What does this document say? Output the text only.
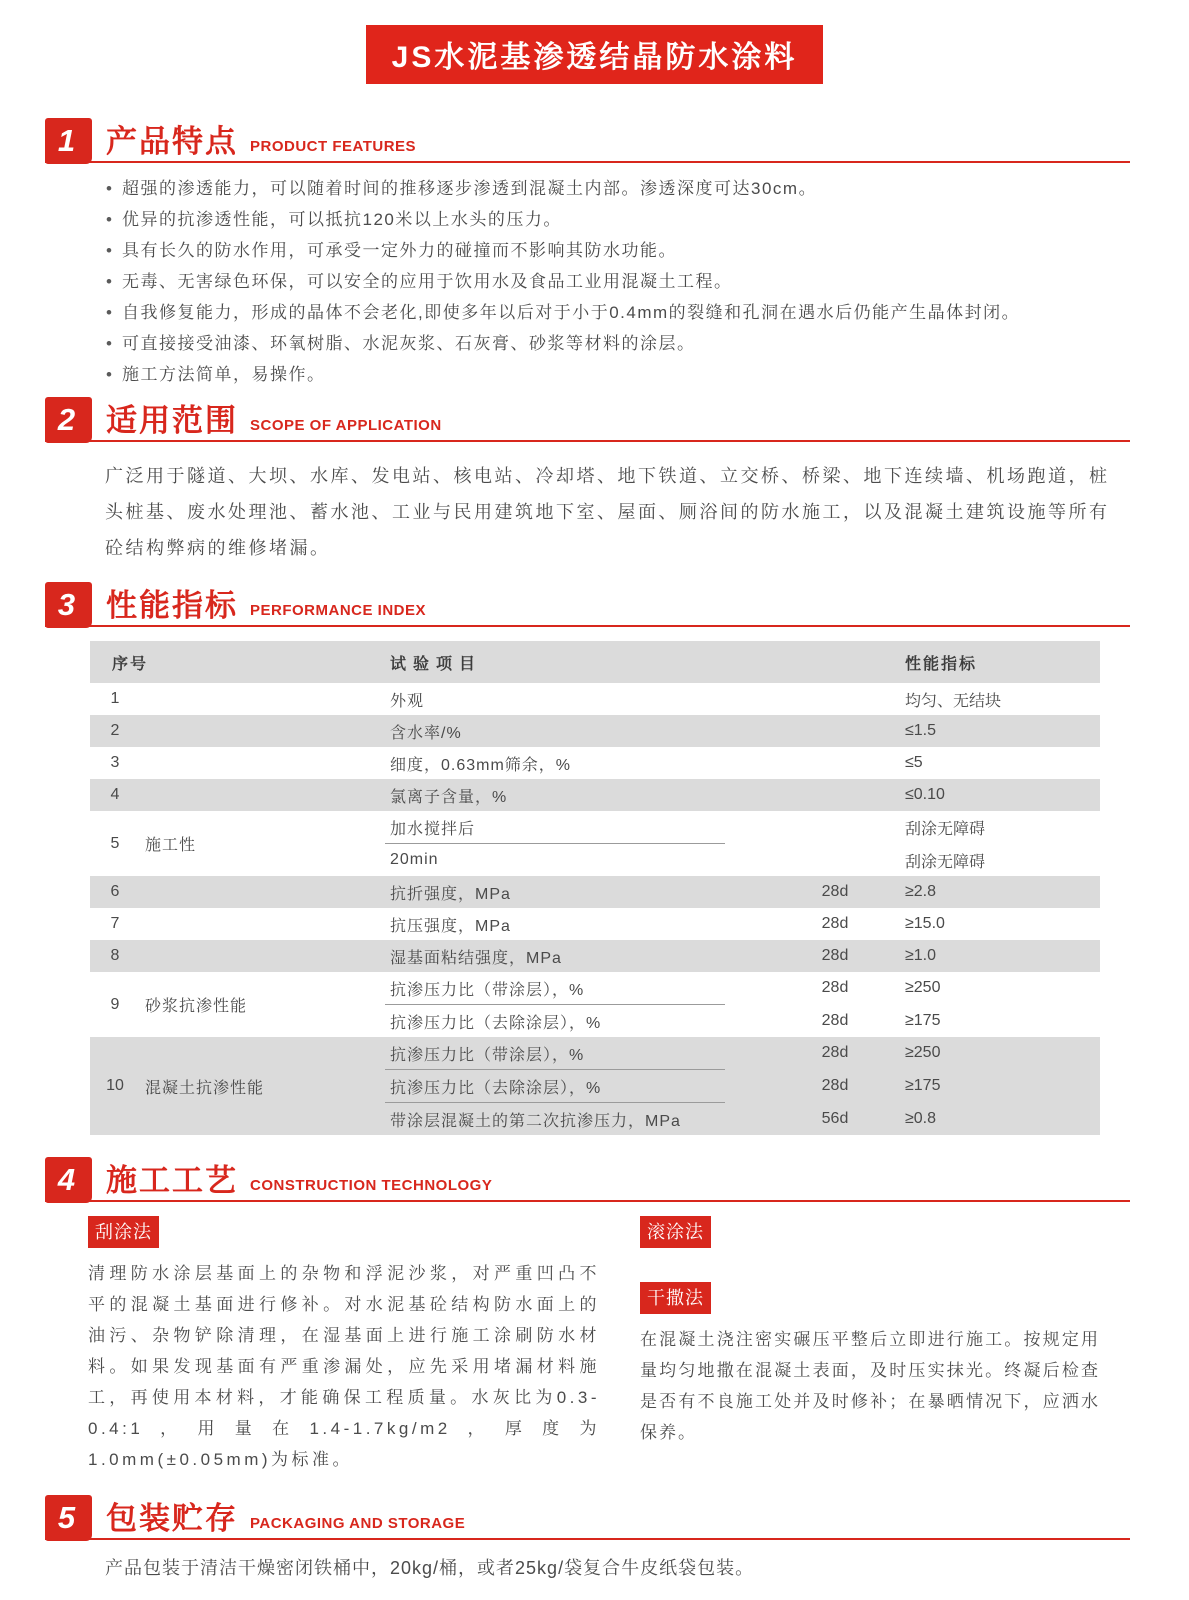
JS水泥基渗透结晶防水涂料
1 产品特点 PRODUCT FEATURES
• 超强的渗透能力，可以随着时间的推移逐步渗透到混凝土内部。渗透深度可达30cm。
• 优异的抗渗透性能，可以抵抗120米以上水头的压力。
• 具有长久的防水作用，可承受一定外力的碰撞而不影响其防水功能。
• 无毒、无害绿色环保，可以安全的应用于饮用水及食品工业用混凝土工程。
• 自我修复能力，形成的晶体不会老化,即使多年以后对于小于0.4mm的裂缝和孔洞在遇水后仍能产生晶体封闭。
• 可直接接受油漆、环氧树脂、水泥灰浆、石灰膏、砂浆等材料的涂层。
• 施工方法简单，易操作。
2 适用范围 SCOPE OF APPLICATION

广泛用于隧道、大坝、水库、发电站、核电站、冷却塔、地下铁道、立交桥、桥梁、地下连续墙、机场跑道，桩头桩基、废水处理池、蓄水池、工业与民用建筑地下室、屋面、厕浴间的防水施工，以及混凝土建筑设施等所有砼结构弊病的维修堵漏。

3 性能指标 PERFORMANCE INDEX
序号	试验项目	性能指标
1	外观	均匀、无结块
2	含水率/%	≤1.5
3	细度，0.63mm筛余，%	≤5
4	氯离子含量，%	≤0.10
5	施工性
加水搅拌后	刮涂无障碍
20min	刮涂无障碍
6	抗折强度，MPa	28d	≥2.8
7	抗压强度，MPa	28d	≥15.0
8	湿基面粘结强度，MPa	28d	≥1.0
9	砂浆抗渗性能
抗渗压力比（带涂层），%	28d	≥250
抗渗压力比（去除涂层），%	28d	≥175
10	混凝土抗渗性能
抗渗压力比（带涂层），%	28d	≥250
抗渗压力比（去除涂层），%	28d	≥175
带涂层混凝土的第二次抗渗压力，MPa	56d	≥0.8
4 施工工艺 CONSTRUCTION TECHNOLOGY
刮涂法

清理防水涂层基面上的杂物和浮泥沙浆，对严重凹凸不平的混凝土基面进行修补。对水泥基砼结构防水面上的油污、杂物铲除清理，在湿基面上进行施工涂刷防水材料。如果发现基面有严重渗漏处，应先采用堵漏材料施工，再使用本材料，才能确保工程质量。水灰比为0.3-0.4:1，用量在1.4-1.7kg/m2，厚度为1.0mm(±0.05mm)为标准。

滚涂法
干撒法

在混凝土浇注密实碾压平整后立即进行施工。按规定用量均匀地撒在混凝土表面，及时压实抹光。终凝后检查是否有不良施工处并及时修补；在暴晒情况下，应洒水保养。

5 包装贮存 PACKAGING AND STORAGE

产品包装于清洁干燥密闭铁桶中，20kg/桶，或者25kg/袋复合牛皮纸袋包装。
